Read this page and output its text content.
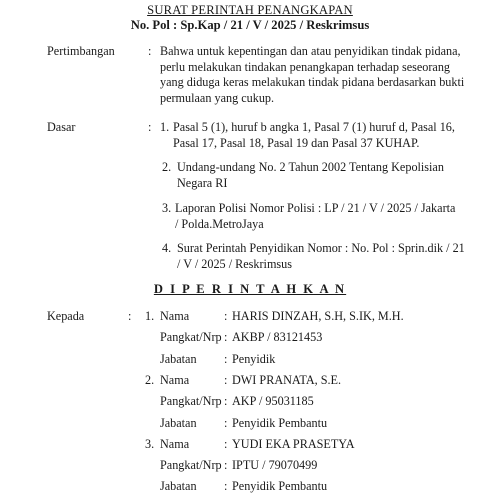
SURAT PERINTAH PENANGKAPAN
No. Pol : Sp.Kap / 21 / V / 2025 / Reskrimsus
Pertimbangan	: Bahwa untuk kepentingan dan atau penyidikan tindak pidana,
perlu melakukan tindakan penangkapan terhadap seseorang
yang diduga keras melakukan tindak pidana berdasarkan bukti
permulaan yang cukup.
Dasar	: 1. Pasal 5 (1), huruf b angka 1, Pasal 7 (1) huruf d, Pasal 16,
Pasal 17, Pasal 18, Pasal 19 dan Pasal 37 KUHAP.
2. Undang-undang No. 2 Tahun 2002 Tentang Kepolisian
Negara RI
3. Laporan Polisi Nomor Polisi : LP / 21 / V / 2025 / Jakarta
/ Polda.MetroJaya
4. Surat Perintah Penyidikan Nomor : No. Pol : Sprin.dik / 21
/ V / 2025 / Reskrimsus
D I P E R I N T A H K A N
Kepada	: 1. Nama	: HARIS DINZAH, S.H, S.IK, M.H.
Pangkat/Nrp : AKBP / 83121453
Jabatan : Penyidik
2. Nama	: DWI PRANATA, S.E.
Pangkat/Nrp : AKP / 95031185
Jabatan : Penyidik Pembantu
3. Nama	: YUDI EKA PRASETYA
Pangkat/Nrp : IPTU / 79070499
Jabatan : Penyidik Pembantu
